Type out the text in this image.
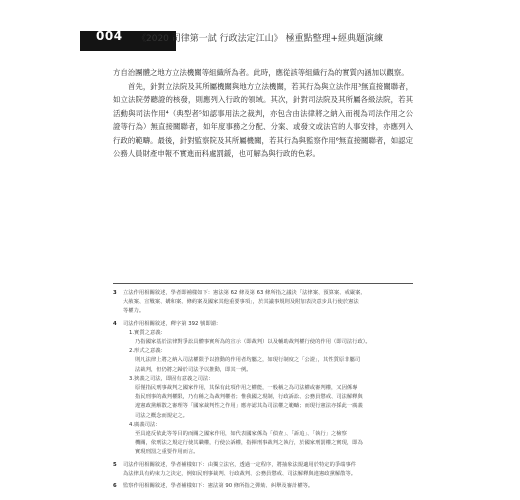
004 《2020 司律第一試 行政法定江山》 極重點整理+經典題演練

方自治團體之地方立法機關等組織所為者。此時，應從該等組織行為的實質內涵加以觀察。

首先，針對立法院及其所屬機關與地方立法機關，若其行為與立法作用³無直接關聯者，如立法院勞聽證的核發，則應列入行政的領域。其次，針對司法院及其所屬各級法院，若其活動與司法作用⁴（典型者⁵如認事用法之裁判，亦包含由法律將之納入而視為司法作用之公證等行為）無直接關聯者，如年度事務之分配、分案、或發文或法官的人事安排，亦應列入行政的範疇。最後，針對監察院及其所屬機關，若其行為與監察作用⁶無直接關聯者，如認定公務人員財產申報不實進而科處罰鍰，也可解為與行政的色彩。

3	立法作用相關敘述，學者即補樣如下：憲法第 62 條及第 63 條所指之議決「法律案、預算案、戒嚴案、
大赦案、宣戰案、媾和案、條約案及國家其他重要事項」，於其議事規則及附加表決意步具行使於憲法
等權力。
4	司法作用相關敘述，釋字第 392 號即謂：
1.實質之意義：
乃指國家基於法律對爭訟具體事實所為的宣示（即裁判）以及輔助裁判權行使的作用（即司法行政）。
2.形式之意義：
則凡法律上將之納入司法權限予以推動的作用者均屬之，如現行制度之「公證」，其性質原非屬司
法裁判，但仍將之歸於司法予以推動，即其一例。
3.狹義之司法，即固有意義之司法：
原僅指民刑事裁判之國家作用，其保有此項作用之權能，一般稱之為司法權或審判權，又因係專
指民刑事的裁判權限，乃有稱之為裁判權者；惟我國之現制，行政訴訟、公務員懲戒、司法解釋與
違憲政黨解散之審理等「國家裁判性之作用」應亦認其為司法權之範疇；而現行憲法亦採此一廣義
司法之概念而規定之。
4.廣義司法：
至具違反依此等等目的而關之國家作用，如代表國家係為「偵查」、「訴追」、「執行」之檢察
機關，依刑法之規定行使其職權，行使公訴權，指揮刑事裁判之執行，於國家刑罰權之實現，即為
實現刑罰之重要作用而言。
5	司法作用相關敘述，學者補樣如下：由獨立法官，透過一定程序，將抽象法規適用於特定的爭端事件
為法律具有約束力之決定，例如民刑事裁判、行政裁判、公務員懲戒、司法解釋與違憲政黨解散等。
6	監察作用相關敘述，學者補樣如下：憲法第 90 條所指之彈劾、糾舉及審計權等。
